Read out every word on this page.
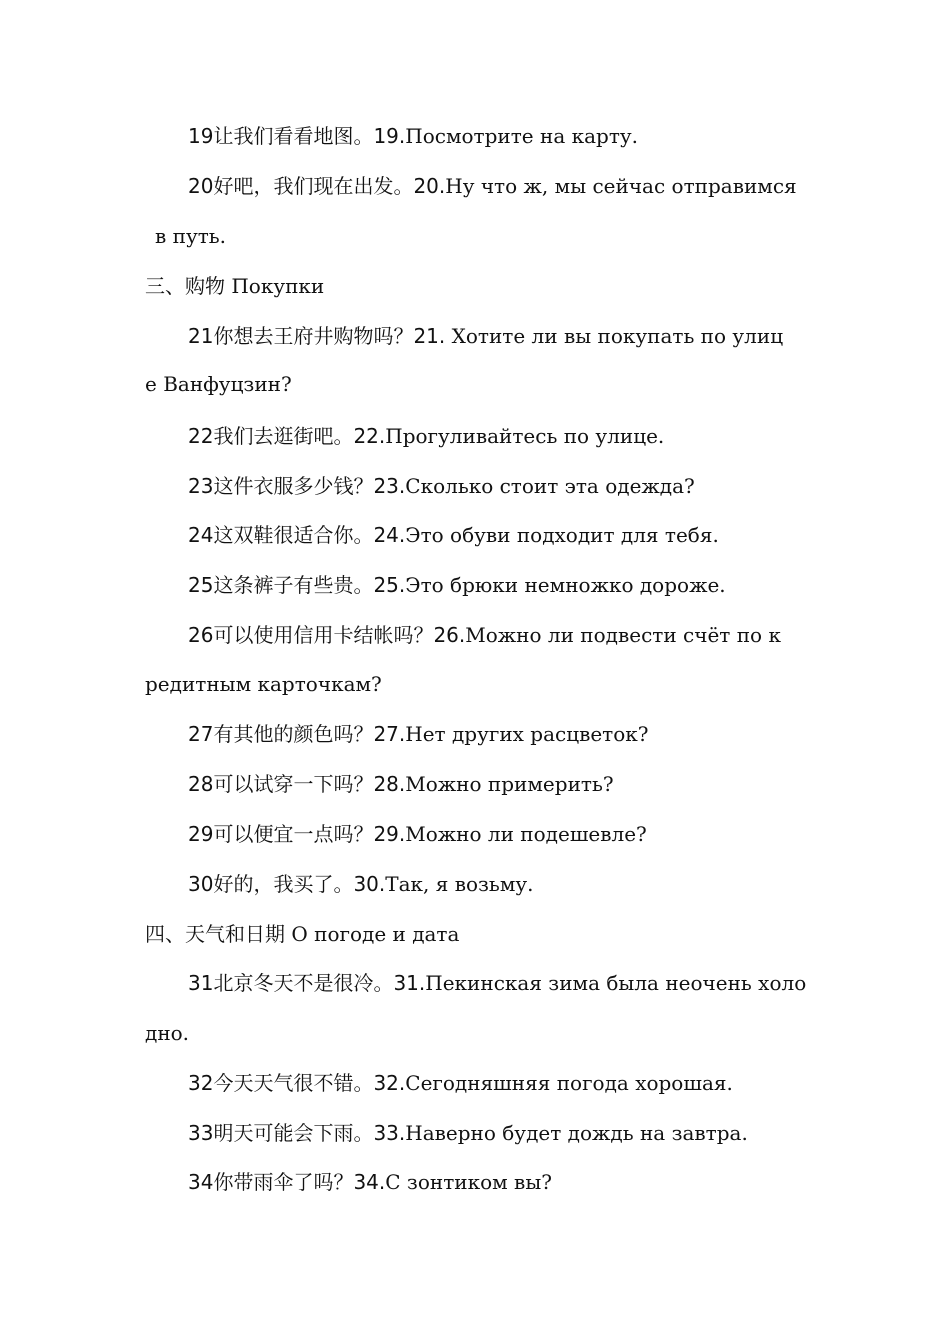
19让我们看看地图。19.Посмотрите на карту.
20好吧，我们现在出发。20.Ну что ж, мы сейчас отправимся
в путь.
三、购物 Покупки
21你想去王府井购物吗？21. Хотите ли вы покупать по улиц
е Ванфуцзин?
22我们去逛街吧。22.Прогуливайтесь по улице.
23这件衣服多少钱？23.Сколько стоит эта одежда?
24这双鞋很适合你。24.Это обуви подходит для тебя.
25这条裤子有些贵。25.Это брюки немножко дороже.
26可以使用信用卡结帐吗？26.Можно ли подвести счёт по к
редитным карточкам?
27有其他的颜色吗？27.Нет других расцветок?
28可以试穿一下吗？28.Можно примерить?
29可以便宜一点吗？29.Можно ли подешевле?
30好的，我买了。30.Так, я возьму.
四、天气和日期 О погоде и дата
31北京冬天不是很冷。31.Пекинская зима была неочень холо
дно.
32今天天气很不错。32.Сегодняшняя погода хорошая.
33明天可能会下雨。33.Наверно будет дождь на завтра.
34你带雨伞了吗？34.С зонтиком вы?
